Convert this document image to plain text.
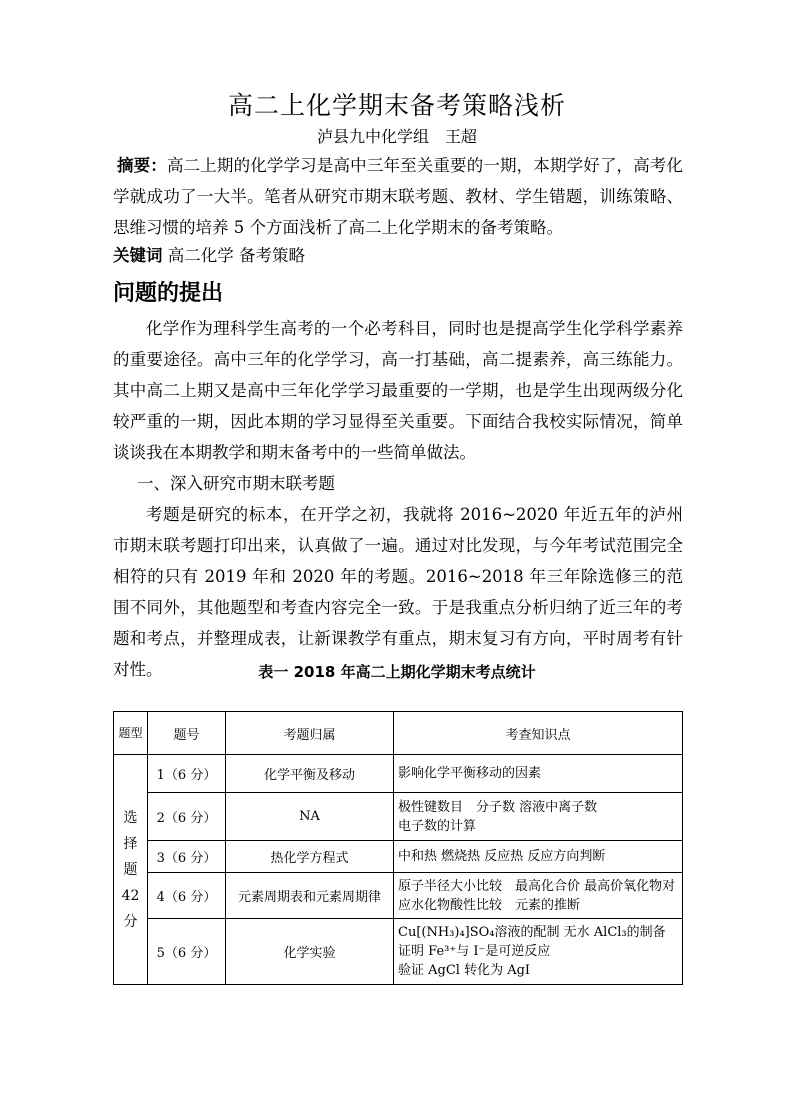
高二上化学期末备考策略浅析
泸县九中化学组　王超
摘要：高二上期的化学学习是高中三年至关重要的一期，本期学好了，高考化学就成功了一大半。笔者从研究市期末联考题、教材、学生错题，训练策略、思维习惯的培养 5 个方面浅析了高二上化学期末的备考策略。
关键词 高二化学 备考策略
问题的提出
化学作为理科学生高考的一个必考科目，同时也是提高学生化学科学素养的重要途径。高中三年的化学学习，高一打基础，高二提素养，高三练能力。其中高二上期又是高中三年化学学习最重要的一学期，也是学生出现两级分化较严重的一期，因此本期的学习显得至关重要。下面结合我校实际情况，简单谈谈我在本期教学和期末备考中的一些简单做法。
一、深入研究市期末联考题
考题是研究的标本，在开学之初，我就将 2016~2020 年近五年的泸州市期末联考题打印出来，认真做了一遍。通过对比发现，与今年考试范围完全相符的只有 2019 年和 2020 年的考题。2016~2018 年三年除选修三的范围不同外，其他题型和考查内容完全一致。于是我重点分析归纳了近三年的考题和考点，并整理成表，让新课教学有重点，期末复习有方向，平时周考有针对性。	表一 2018 年高二上期化学期末考点统计
题型	题号	考题归属	考查知识点
选择题42分	1（6 分）	化学平衡及移动	影响化学平衡移动的因素
	2（6 分）	NA	极性键数目　分子数 溶液中离子数
电子数的计算
	3（6 分）	热化学方程式	中和热 燃烧热 反应热 反应方向判断
	4（6 分）	元素周期表和元素周期律	原子半径大小比较　最高化合价 最高价氧化物对应水化物酸性比较　元素的推断
	5（6 分）	化学实验	Cu[(NH₃)₄]SO₄溶液的配制 无水 AlCl₃的制备
证明 Fe³⁺与 I⁻是可逆反应
验证 AgCl 转化为 AgI
